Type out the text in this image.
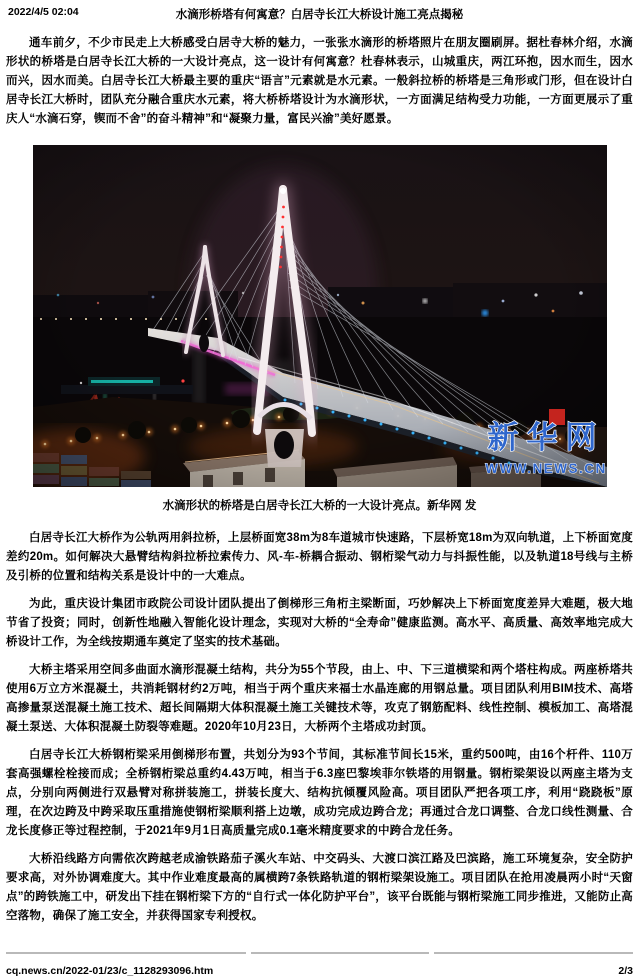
2022/4/5 02:04	水滴形桥塔有何寓意？白居寺长江大桥设计施工亮点揭秘

通车前夕，不少市民走上大桥感受白居寺大桥的魅力，一张张水滴形的桥塔照片在朋友圈刷屏。据杜春林介绍，水滴形状的桥塔是白居寺长江大桥的一大设计亮点，这一设计有何寓意？杜春林表示，山城重庆，两江环抱，因水而生，因水而兴，因水而美。白居寺长江大桥最主要的重庆“语言”元素就是水元素。一般斜拉桥的桥塔是三角形或门形，但在设计白居寺长江大桥时，团队充分融合重庆水元素，将大桥桥塔设计为水滴形状，一方面满足结构受力功能，一方面更展示了重庆人“水滴石穿，锲而不舍”的奋斗精神”和“凝聚力量，富民兴渝”美好愿景。

新华网
WWW.NEWS.CN
水滴形状的桥塔是白居寺长江大桥的一大设计亮点。新华网 发

白居寺长江大桥作为公轨两用斜拉桥，上层桥面宽38m为8车道城市快速路，下层桥宽18m为双向轨道，上下桥面宽度差约20m。如何解决大悬臂结构斜拉桥拉索传力、风-车-桥耦合振动、钢桁梁气动力与抖振性能，以及轨道18号线与主桥及引桥的位置和结构关系是设计中的一大难点。

为此，重庆设计集团市政院公司设计团队提出了倒梯形三角桁主梁断面，巧妙解决上下桥面宽度差异大难题，极大地节省了投资；同时，创新性地融入智能化设计理念，实现对大桥的“全寿命”健康监测。高水平、高质量、高效率地完成大桥设计工作，为全线按期通车奠定了坚实的技术基础。

大桥主塔采用空间多曲面水滴形混凝土结构，共分为55个节段，由上、中、下三道横梁和两个塔柱构成。两座桥塔共使用6万立方米混凝土，共消耗钢材约2万吨，相当于两个重庆来福士水晶连廊的用钢总量。项目团队利用BIM技术、高塔高掺量泵送混凝土施工技术、超长间隔期大体积混凝土施工关键技术等，攻克了钢筋配料、线性控制、模板加工、高塔混凝土泵送、大体积混凝土防裂等难题。2020年10月23日，大桥两个主塔成功封顶。

白居寺长江大桥钢桁梁采用倒梯形布置，共划分为93个节间，其标准节间长15米，重约500吨，由16个杆件、110万套高强螺栓栓接而成；全桥钢桁梁总重约4.43万吨，相当于6.3座巴黎埃菲尔铁塔的用钢量。钢桁梁架设以两座主塔为支点，分别向两侧进行双悬臂对称拼装施工，拼装长度大、结构抗倾覆风险高。项目团队严把各项工序，利用“跷跷板”原理，在次边跨及中跨采取压重措施使钢桁梁顺利搭上边墩，成功完成边跨合龙；再通过合龙口调整、合龙口线性测量、合龙长度修正等过程控制，于2021年9月1日高质量完成0.1毫米精度要求的中跨合龙任务。

大桥沿线路方向需依次跨越老成渝铁路茄子溪火车站、中交码头、大渡口滨江路及巴滨路，施工环境复杂，安全防护要求高，对外协调难度大。其中作业难度最高的属横跨7条铁路轨道的钢桁梁架设施工。项目团队在抢用凌晨两小时“天窗点”的跨铁施工中，研发出下挂在钢桁梁下方的“自行式一体化防护平台”，该平台既能与钢桁梁施工同步推进，又能防止高空落物，确保了施工安全，并获得国家专利授权。

cq.news.cn/2022-01/23/c_1128293096.htm	2/3
